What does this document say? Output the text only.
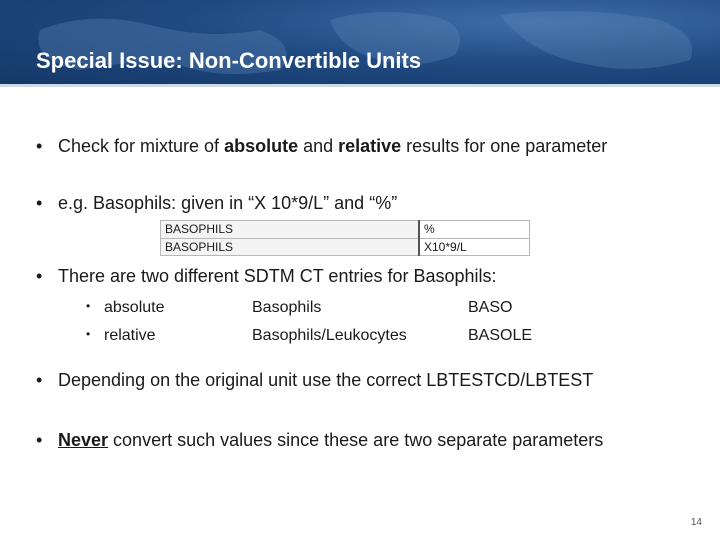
Special Issue: Non-Convertible Units
• Check for mixture of absolute and relative results for one parameter
• e.g. Basophils: given in “X 10*9/L” and “%”
BASOPHILS	%
BASOPHILS	X10*9/L
• There are two different SDTM CT entries for Basophils:
• absolute	Basophils	BASO
• relative	Basophils/Leukocytes	BASOLE
• Depending on the original unit use the correct LBTESTCD/LBTEST
• Never convert such values since these are two separate parameters
14
